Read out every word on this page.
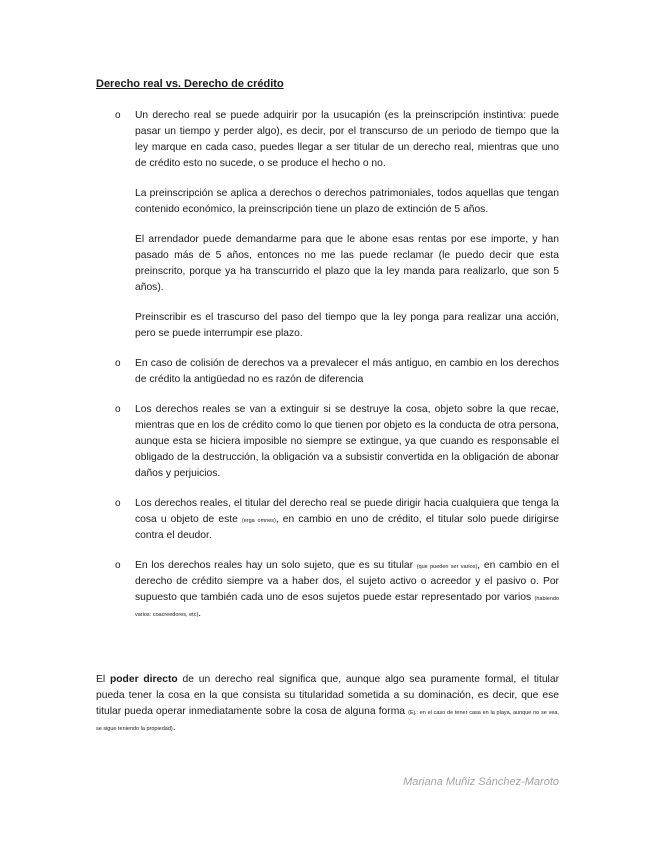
Derecho real vs. Derecho de crédito
o Un derecho real se puede adquirir por la usucapión (es la preinscripción instintiva: puede pasar un tiempo y perder algo), es decir, por el transcurso de un periodo de tiempo que la ley marque en cada caso, puedes llegar a ser titular de un derecho real, mientras que uno de crédito esto no sucede, o se produce el hecho o no.

La preinscripción se aplica a derechos o derechos patrimoniales, todos aquellas que tengan contenido económico, la preinscripción tiene un plazo de extinción de 5 años.

El arrendador puede demandarme para que le abone esas rentas por ese importe, y han pasado más de 5 años, entonces no me las puede reclamar (le puedo decir que esta preinscrito, porque ya ha transcurrido el plazo que la ley manda para realizarlo, que son 5 años).

Preinscribir es el trascurso del paso del tiempo que la ley ponga para realizar una acción, pero se puede interrumpir ese plazo.

o En caso de colisión de derechos va a prevalecer el más antiguo, en cambio en los derechos de crédito la antigüedad no es razón de diferencia

o Los derechos reales se van a extinguir si se destruye la cosa, objeto sobre la que recae, mientras que en los de crédito como lo que tienen por objeto es la conducta de otra persona, aunque esta se hiciera imposible no siempre se extingue, ya que cuando es responsable el obligado de la destrucción, la obligación va a subsistir convertida en la obligación de abonar daños y perjuicios.

o Los derechos reales, el titular del derecho real se puede dirigir hacia cualquiera que tenga la cosa u objeto de este (erga omnes), en cambio en uno de crédito, el titular solo puede dirigirse contra el deudor.

o En los derechos reales hay un solo sujeto, que es su titular (que pueden ser varios), en cambio en el derecho de crédito siempre va a haber dos, el sujeto activo o acreedor y el pasivo o. Por supuesto que también cada uno de esos sujetos puede estar representado por varios (habiendo varios: coacreedores, etc).

El poder directo de un derecho real significa que, aunque algo sea puramente formal, el titular pueda tener la cosa en la que consista su titularidad sometida a su dominación, es decir, que ese titular pueda operar inmediatamente sobre la cosa de alguna forma (Ej.: en el caso de tener casa en la playa, aunque no se vea, se sigue teniendo la propiedad).

Mariana Muñiz Sánchez-Maroto
